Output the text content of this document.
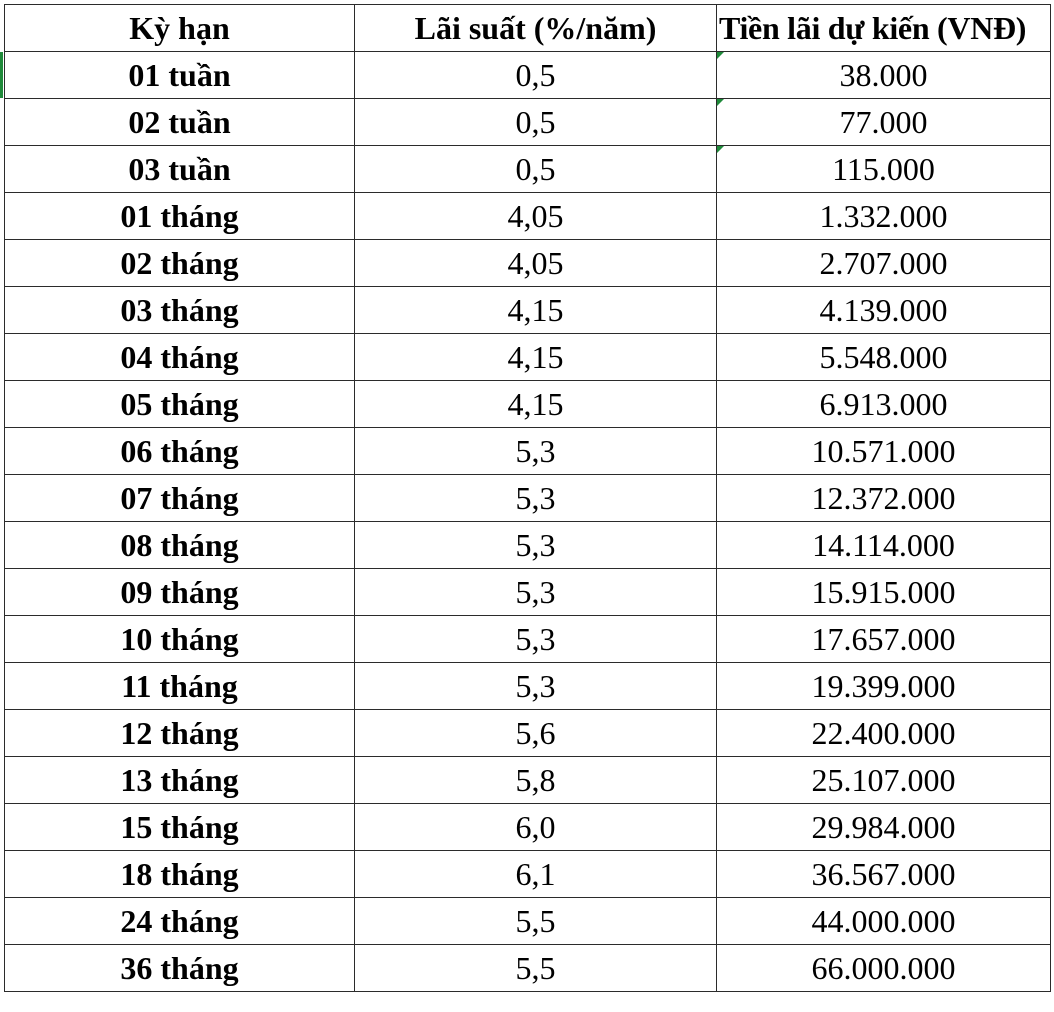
Kỳ hạn	Lãi suất (%/năm)	Tiền lãi dự kiến (VNĐ)
01 tuần	0,5	38.000
02 tuần	0,5	77.000
03 tuần	0,5	115.000
01 tháng	4,05	1.332.000
02 tháng	4,05	2.707.000
03 tháng	4,15	4.139.000
04 tháng	4,15	5.548.000
05 tháng	4,15	6.913.000
06 tháng	5,3	10.571.000
07 tháng	5,3	12.372.000
08 tháng	5,3	14.114.000
09 tháng	5,3	15.915.000
10 tháng	5,3	17.657.000
11 tháng	5,3	19.399.000
12 tháng	5,6	22.400.000
13 tháng	5,8	25.107.000
15 tháng	6,0	29.984.000
18 tháng	6,1	36.567.000
24 tháng	5,5	44.000.000
36 tháng	5,5	66.000.000
